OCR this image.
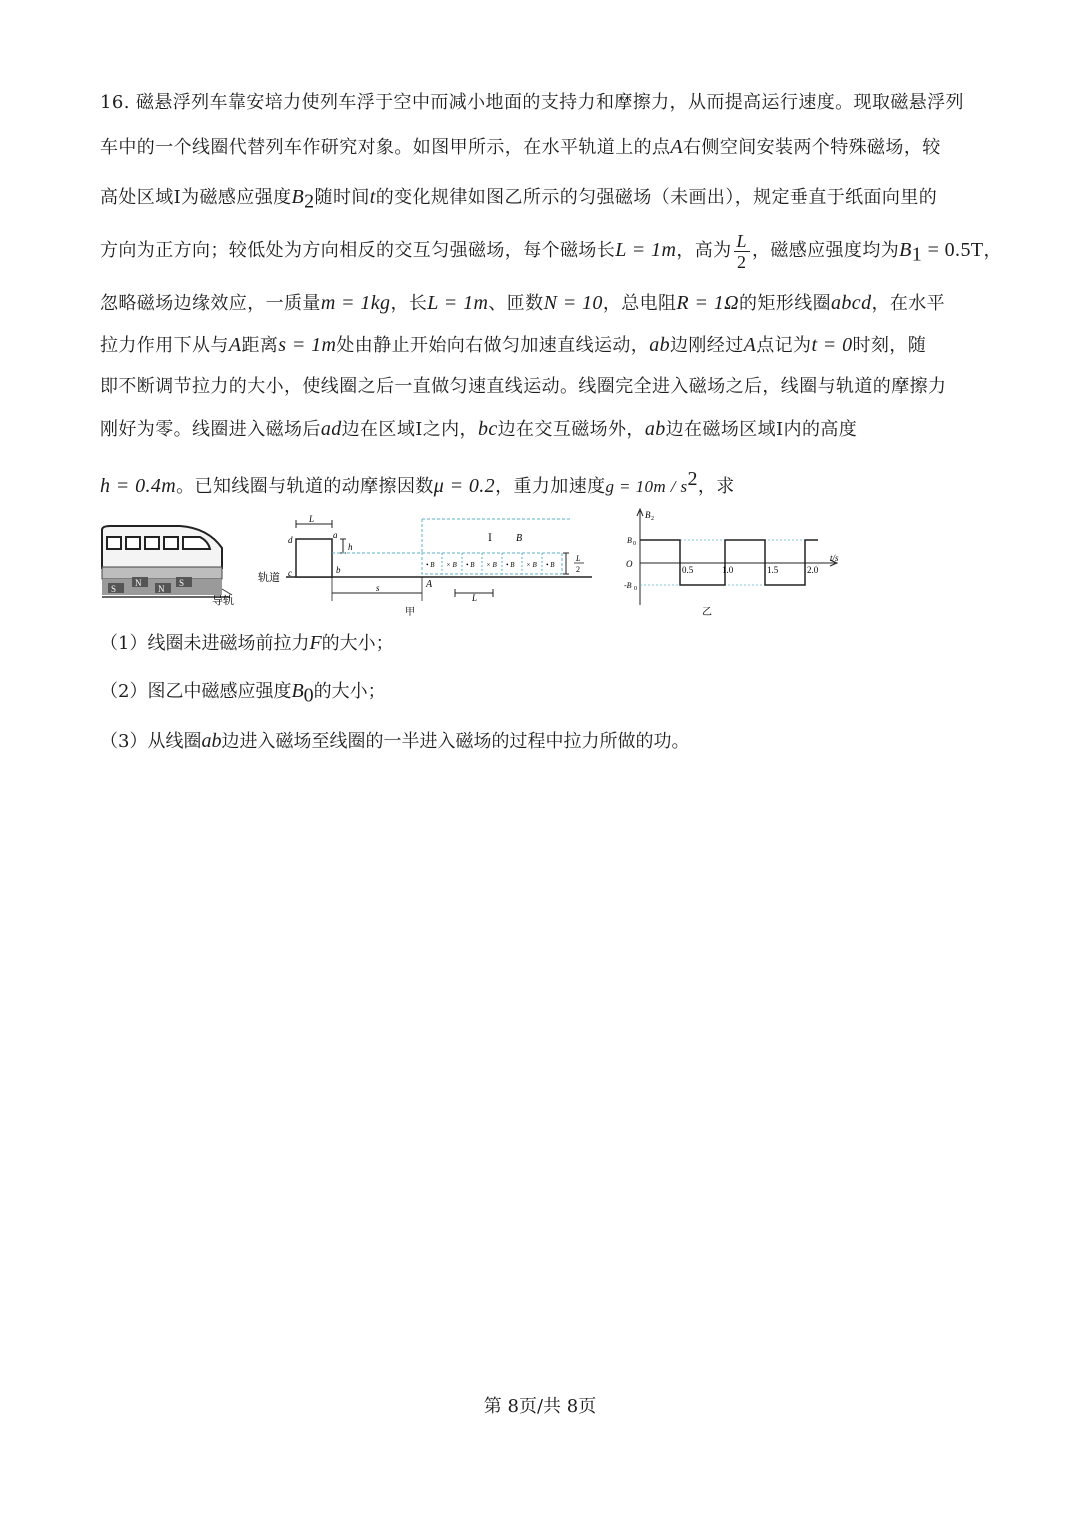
16. 磁悬浮列车靠安培力使列车浮于空中而减小地面的支持力和摩擦力，从而提高运行速度。现取磁悬浮列
车中的一个线圈代替列车作研究对象。如图甲所示，在水平轨道上的点A右侧空间安装两个特殊磁场，较
高处区域Ⅰ为磁感应强度$B_2$随时间t的变化规律如图乙所示的匀强磁场（未画出），规定垂直于纸面向里的
方向为正方向；较低处为方向相反的交互匀强磁场，每个磁场长L = 1m，高为 $\frac{L}{2}$ ，磁感应强度均为$B_1 = 0.5T$，
忽略磁场边缘效应，一质量m = 1kg，长L = 1m、匝数N = 10，总电阻R = 1Ω的矩形线圈abcd，在水平
拉力作用下从与A距离s = 1m处由静止开始向右做匀加速直线运动，ab边刚经过A点记为t = 0时刻，随
即不断调节拉力的大小，使线圈之后一直做匀速直线运动。线圈完全进入磁场之后，线圈与轨道的摩擦力
刚好为零。线圈进入磁场后ad边在区域Ⅰ之内，bc边在交互磁场外，ab边在磁场区域Ⅰ内的高度
h = 0.4m。已知线圈与轨道的动摩擦因数μ = 0.2，重力加速度$g = 10m / s^2$，求
S
N
N
S
导轨
轨道
L
a
d
c	b
h
Ⅰ B
• B × B • B × B • B × B • B
L
2
A
s
L
甲
B 2
t/s
B 0
O
-B 0
0.5	1.0	1.5	2.0
乙
（1）线圈未进磁场前拉力F的大小；
（2）图乙中磁感应强度$B_0$的大小；
（3）从线圈ab边进入磁场至线圈的一半进入磁场的过程中拉力所做的功。
第 8页/共 8页
